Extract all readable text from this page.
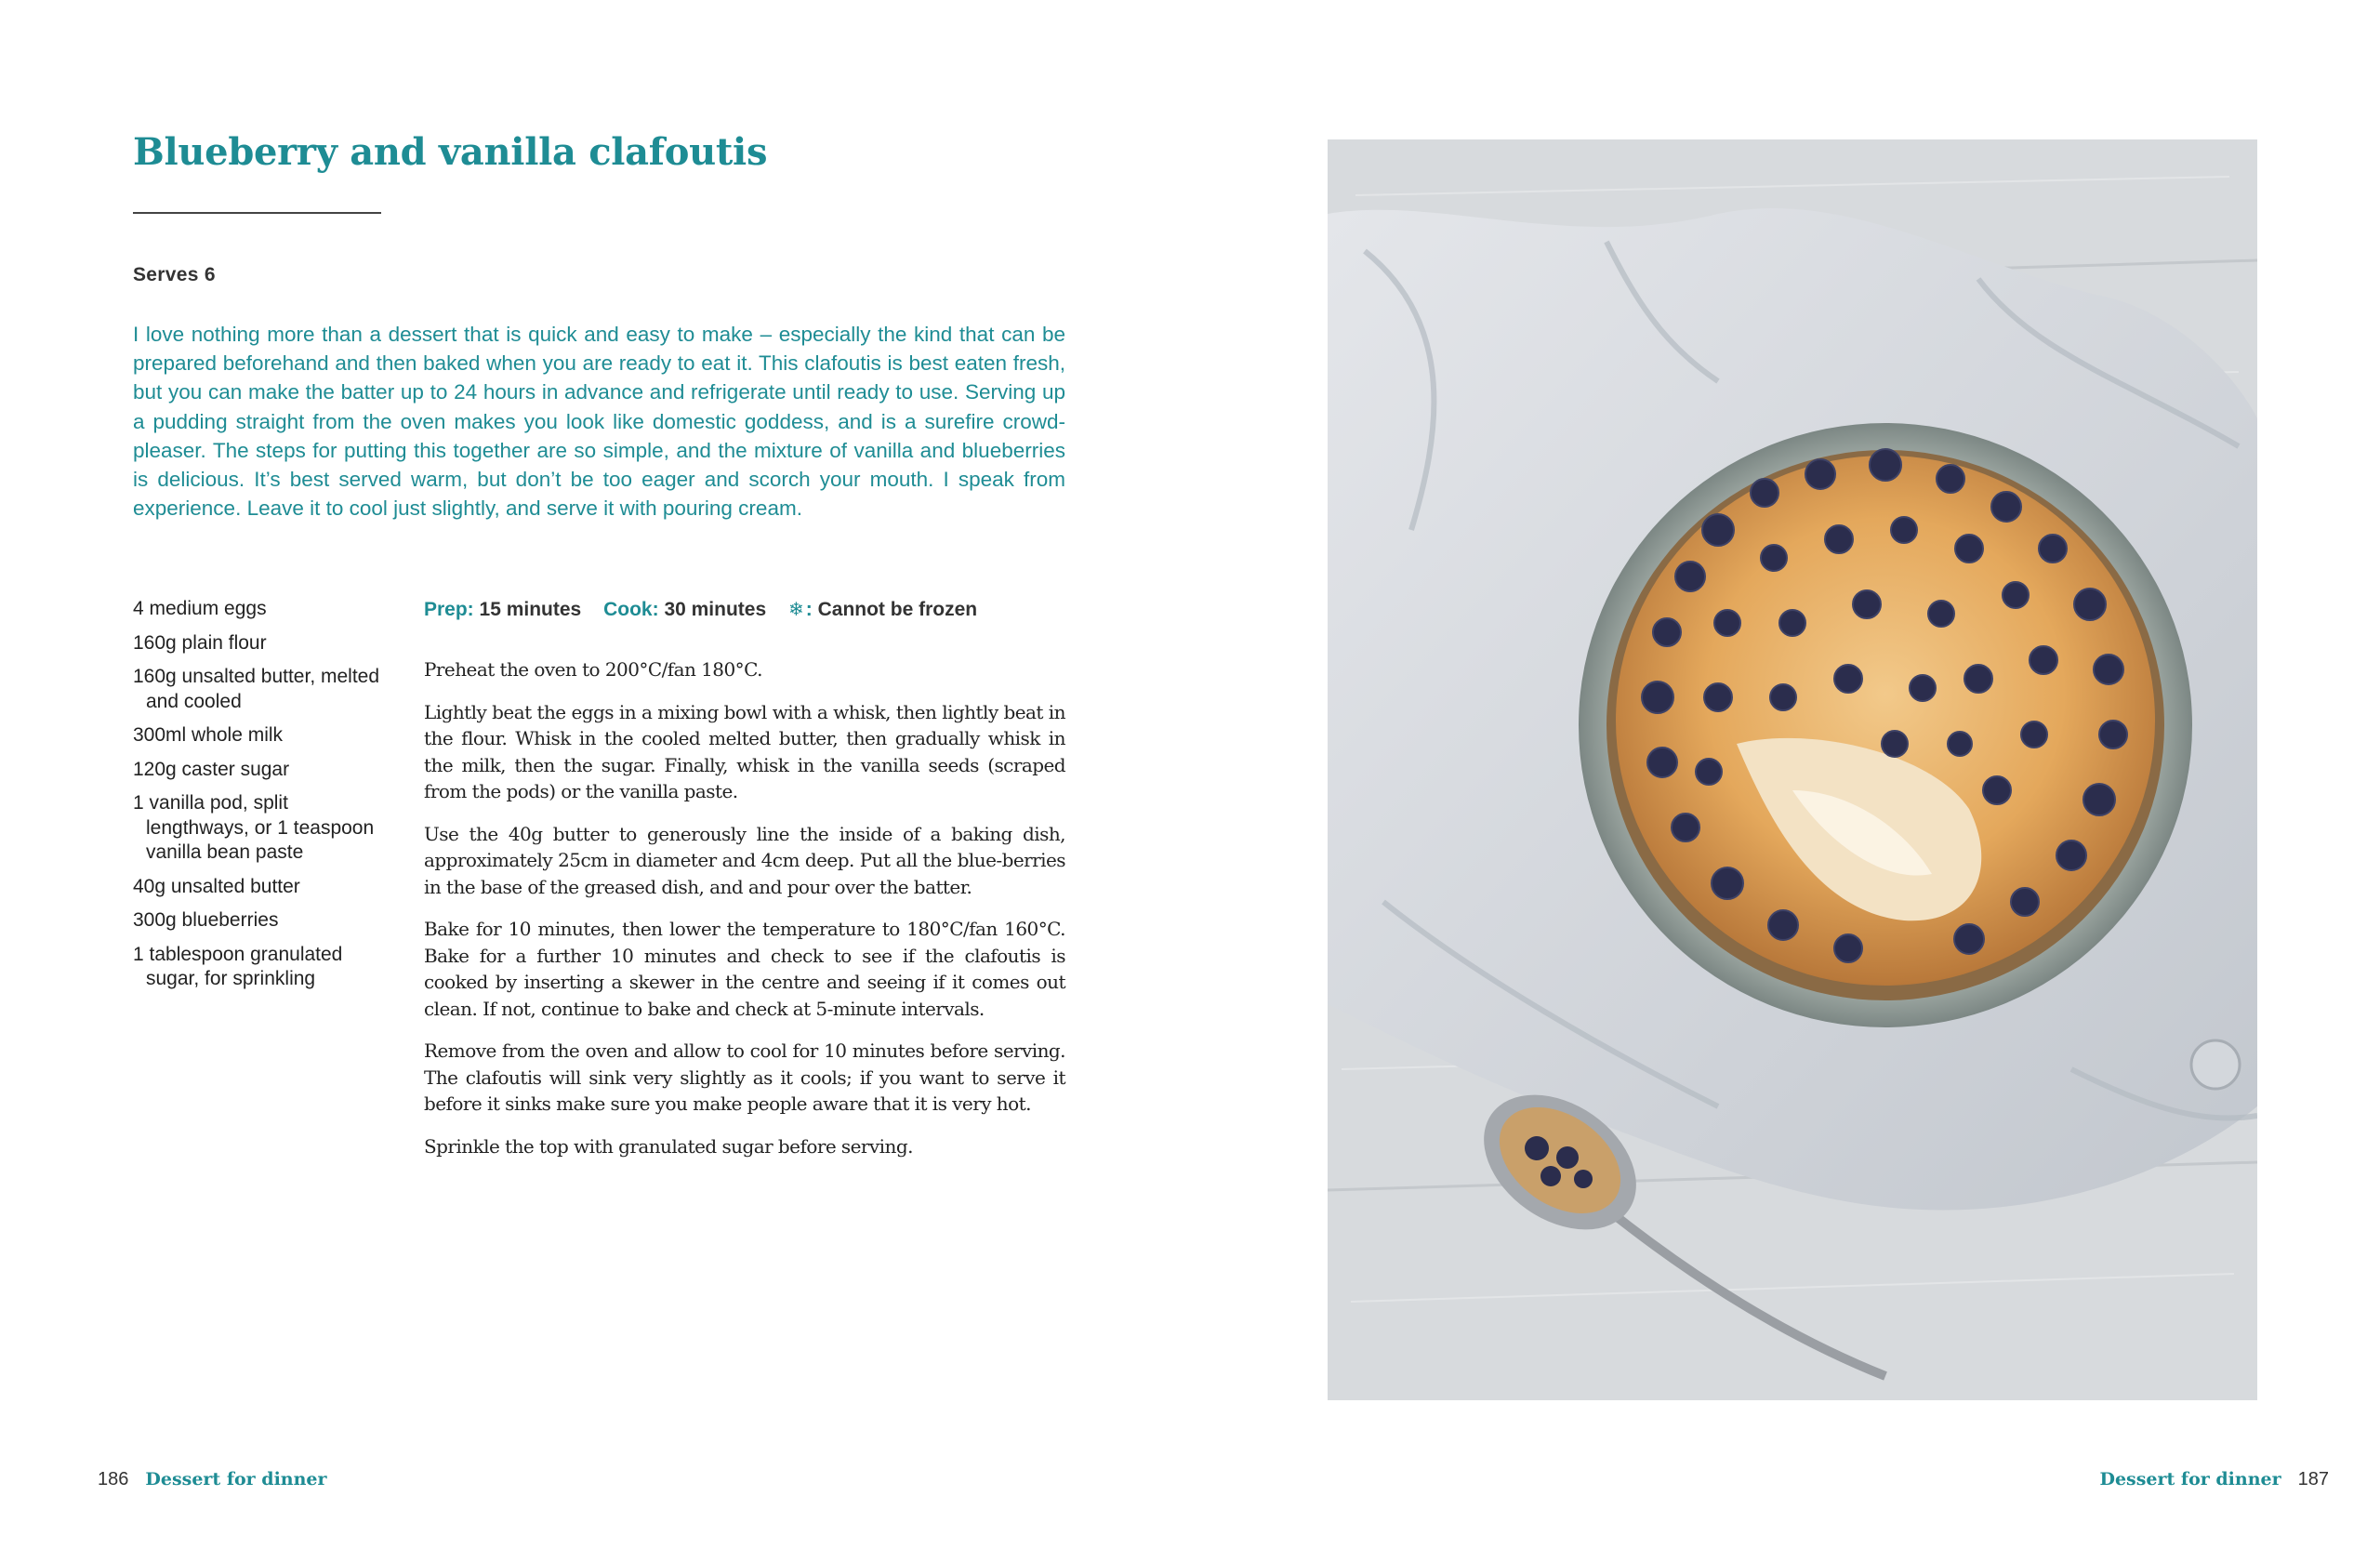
Blueberry and vanilla clafoutis
Serves 6

I love nothing more than a dessert that is quick and easy to make – especially the kind that can be prepared beforehand and then baked when you are ready to eat it. This clafoutis is best eaten fresh, but you can make the batter up to 24 hours in advance and refrigerate until ready to use. Serving up a pudding straight from the oven makes you look like domestic goddess, and is a surefire crowd-pleaser. The steps for putting this together are so simple, and the mixture of vanilla and blueberries is delicious. It’s best served warm, but don’t be too eager and scorch your mouth. I speak from experience. Leave it to cool just slightly, and serve it with pouring cream.

4 medium eggs
160g plain flour
160g unsalted butter, melted and cooled
300ml whole milk
120g caster sugar
1 vanilla pod, split lengthways, or 1 teaspoon vanilla bean paste
40g unsalted butter
300g blueberries
1 tablespoon granulated sugar, for sprinkling
Prep: 15 minutes Cook: 30 minutes ❄: Cannot be frozen

Preheat the oven to 200°C/fan 180°C.

Lightly beat the eggs in a mixing bowl with a whisk, then lightly beat in the flour. Whisk in the cooled melted butter, then gradually whisk in the milk, then the sugar. Finally, whisk in the vanilla seeds (scraped from the pods) or the vanilla paste.

Use the 40g butter to generously line the inside of a baking dish, approximately 25cm in diameter and 4cm deep. Put all the blue-berries in the base of the greased dish, and and pour over the batter.

Bake for 10 minutes, then lower the temperature to 180°C/fan 160°C. Bake for a further 10 minutes and check to see if the clafoutis is cooked by inserting a skewer in the centre and seeing if it comes out clean. If not, continue to bake and check at 5-minute intervals.

Remove from the oven and allow to cool for 10 minutes before serving. The clafoutis will sink very slightly as it cools; if you want to serve it before it sinks make sure you make people aware that it is very hot.

Sprinkle the top with granulated sugar before serving.

186 Dessert for dinner	Dessert for dinner 187
